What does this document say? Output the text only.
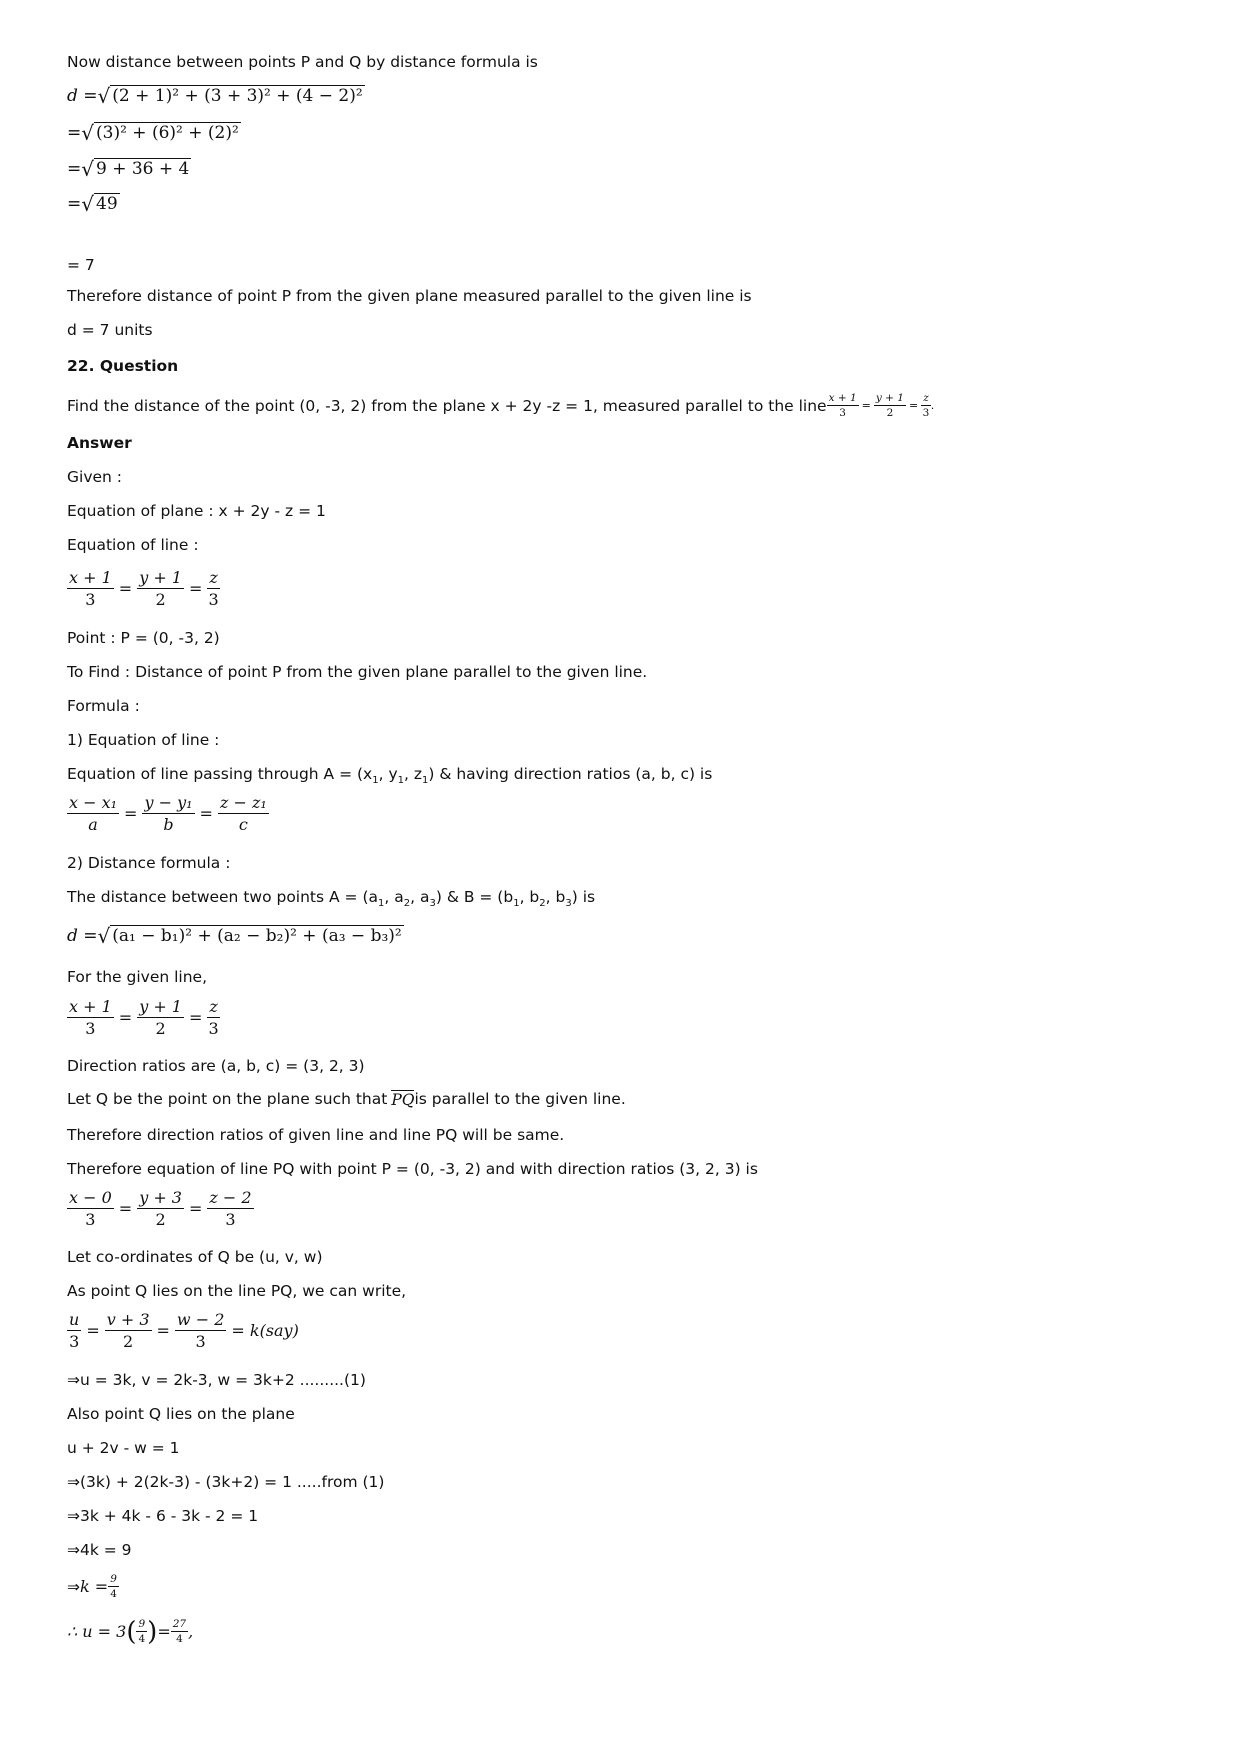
Now distance between points P and Q by distance formula is
d = √ (2 + 1)² + (3 + 3)² + (4 − 2)²
= √ (3)² + (6)² + (2)²
= √ 9 + 36 + 4
= √ 49
= 7
Therefore distance of point P from the given plane measured parallel to the given line is
d = 7 units
22. Question
Find the distance of the point (0, -3, 2) from the plane x + 2y -z = 1, measured parallel to the line $\frac{x + 1}{3} = \frac{y + 1}{2} = \frac{z}{3}$ .
Answer
Given :
Equation of plane : x + 2y - z = 1
Equation of line :
$\frac{x + 1}{3} = \frac{y + 1}{2} = \frac{z}{3}$
Point : P = (0, -3, 2)
To Find : Distance of point P from the given plane parallel to the given line.
Formula :
1) Equation of line :
Equation of line passing through $A = (x_1$, $y_1$, $z_1$) & having direction ratios (a, b, c) is
$\frac{\text{x − x₁}}{a} = \frac{\text{y − y₁}}{b} = \frac{\text{z − z₁}}{c}$
2) Distance formula :
The distance between two points $A = (a_1$, $a_2$, $a_3$) & $B = (b_1$, $b_2$, $b_3$) is
d = √ (a₁ − b₁)² + (a₂ − b₂)² + (a₃ − b₃)²
For the given line,
$\frac{x + 1}{3} = \frac{y + 1}{2} = \frac{z}{3}$
Direction ratios are (a, b, c) = (3, 2, 3)
Let Q be the point on the plane such that PQ is parallel to the given line.
Therefore direction ratios of given line and line PQ will be same.
Therefore equation of line PQ with point P = (0, -3, 2) and with direction ratios (3, 2, 3) is
$\frac{x - 0}{3} = \frac{y + 3}{2} = \frac{z - 2}{3}$
Let co-ordinates of Q be (u, v, w)
As point Q lies on the line PQ, we can write,
$\frac{u}{3} = \frac{v + 3}{2} = \frac{w - 2}{3} = k(say)$
⇒u = 3k, v = 2k-3, w = 3k+2 .........(1)
Also point Q lies on the plane
u + 2v - w = 1
⇒(3k) + 2(2k-3) - (3k+2) = 1 .....from (1)
⇒3k + 4k - 6 - 3k - 2 = 1
⇒4k = 9
⇒ $k = \frac{9}{4}$
∴ u = 3 ( $\frac{9}{4}$ ) = $\frac{27}{4}$ ,
